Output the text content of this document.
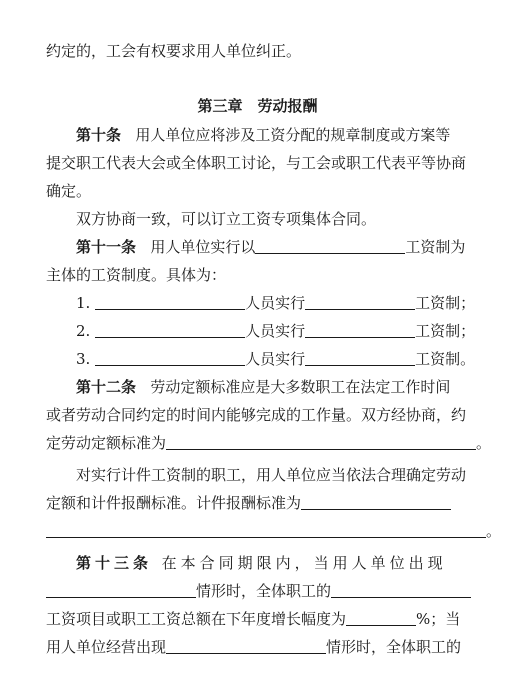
约定的，工会有权要求用人单位纠正。
第三章　劳动报酬
第十条 用人单位应将涉及工资分配的规章制度或方案等
提交职工代表大会或全体职工讨论，与工会或职工代表平等协商
确定。
双方协商一致，可以订立工资专项集体合同。
第十一条 用人单位实行以	工资制为
主体的工资制度。具体为：
1.	人员实行	工资制；
2.	人员实行	工资制；
3.	人员实行	工资制。
第十二条 劳动定额标准应是大多数职工在法定工作时间
或者劳动合同约定的时间内能够完成的工作量。双方经协商，约
定劳动定额标准为	。
对实行计件工资制的职工，用人单位应当依法合理确定劳动
定额和计件报酬标准。计件报酬标准为
。
第十三条 在本合同期限内，当用人单位出现
情形时，全体职工的
工资项目或职工工资总额在下年度增长幅度为	%；当
用人单位经营出现	情形时，全体职工的
